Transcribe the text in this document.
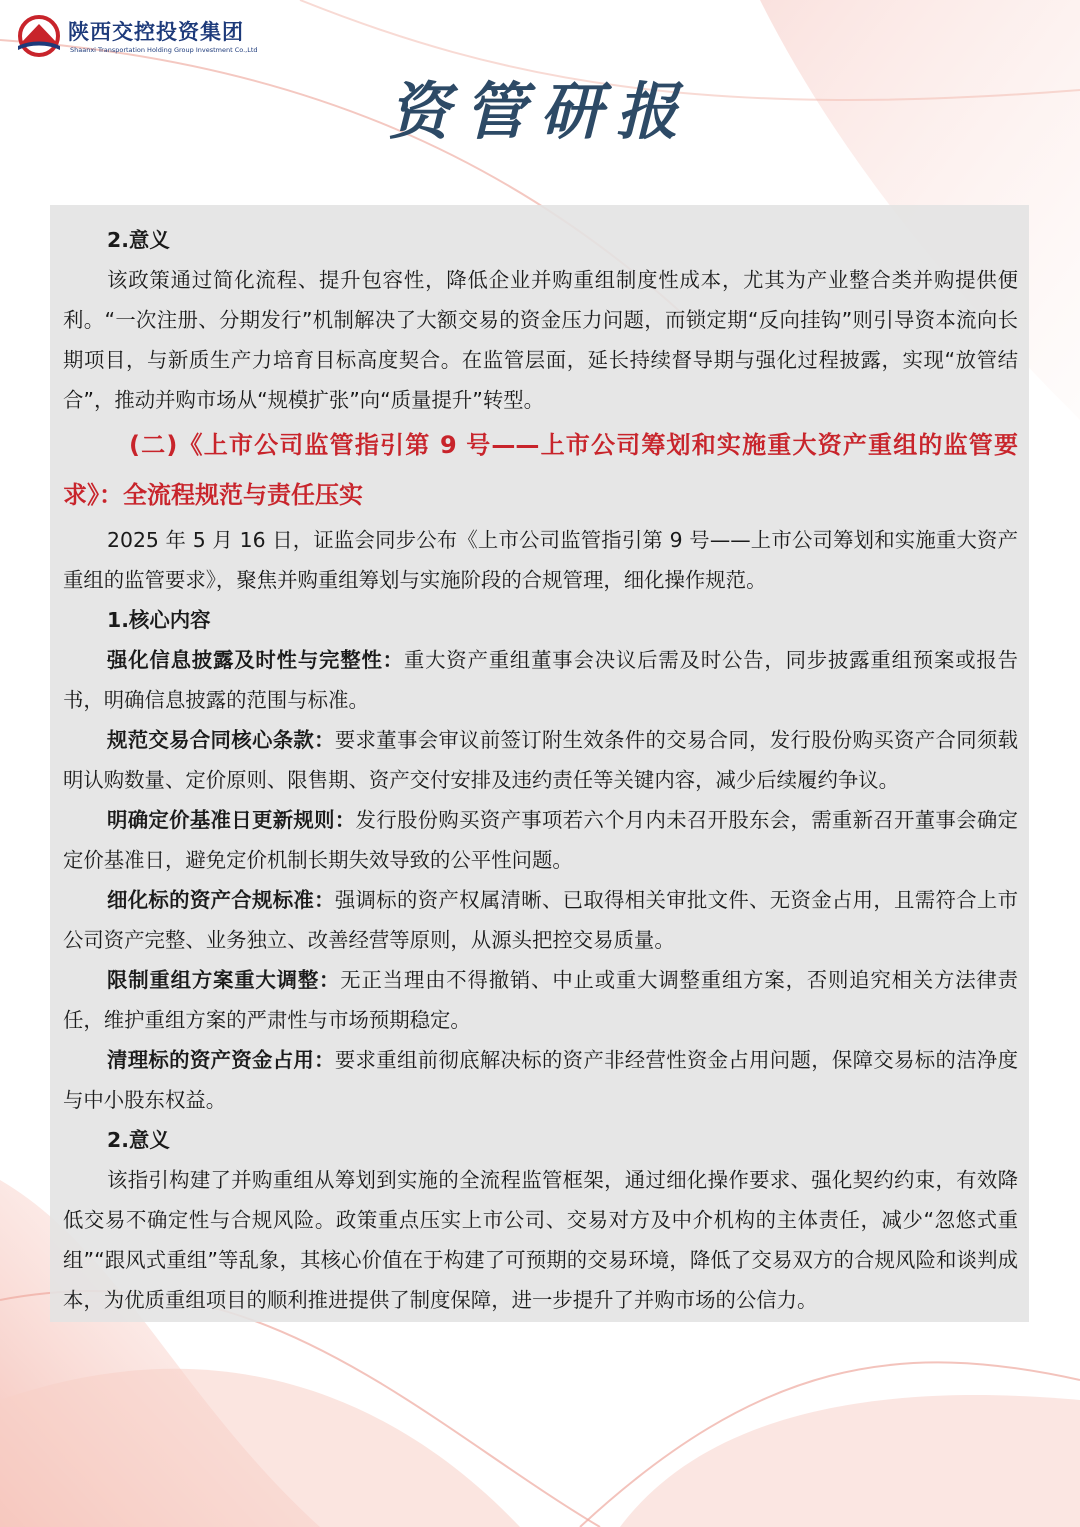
陕西交控投资集团
Shaanxi Transportation Holding Group Investment Co.,Ltd
资管研报

2.意义

该政策通过简化流程、提升包容性，降低企业并购重组制度性成本，尤其为产业整合类并购提供便利。“一次注册、分期发行”机制解决了大额交易的资金压力问题，而锁定期“反向挂钩”则引导资本流向长期项目，与新质生产力培育目标高度契合。在监管层面，延长持续督导期与强化过程披露，实现“放管结合”，推动并购市场从“规模扩张”向“质量提升”转型。

(二)《上市公司监管指引第 9 号——上市公司筹划和实施重大资产重组的监管要求》：全流程规范与责任压实

2025 年 5 月 16 日，证监会同步公布《上市公司监管指引第 9 号——上市公司筹划和实施重大资产重组的监管要求》，聚焦并购重组筹划与实施阶段的合规管理，细化操作规范。

1.核心内容

强化信息披露及时性与完整性：重大资产重组董事会决议后需及时公告，同步披露重组预案或报告书，明确信息披露的范围与标准。

规范交易合同核心条款：要求董事会审议前签订附生效条件的交易合同，发行股份购买资产合同须载明认购数量、定价原则、限售期、资产交付安排及违约责任等关键内容，减少后续履约争议。

明确定价基准日更新规则：发行股份购买资产事项若六个月内未召开股东会，需重新召开董事会确定定价基准日，避免定价机制长期失效导致的公平性问题。

细化标的资产合规标准：强调标的资产权属清晰、已取得相关审批文件、无资金占用，且需符合上市公司资产完整、业务独立、改善经营等原则，从源头把控交易质量。

限制重组方案重大调整：无正当理由不得撤销、中止或重大调整重组方案，否则追究相关方法律责任，维护重组方案的严肃性与市场预期稳定。

清理标的资产资金占用：要求重组前彻底解决标的资产非经营性资金占用问题，保障交易标的洁净度与中小股东权益。

2.意义

该指引构建了并购重组从筹划到实施的全流程监管框架，通过细化操作要求、强化契约约束，有效降低交易不确定性与合规风险。政策重点压实上市公司、交易对方及中介机构的主体责任，减少“忽悠式重组”“跟风式重组”等乱象，其核心价值在于构建了可预期的交易环境，降低了交易双方的合规风险和谈判成本，为优质重组项目的顺利推进提供了制度保障，进一步提升了并购市场的公信力。
